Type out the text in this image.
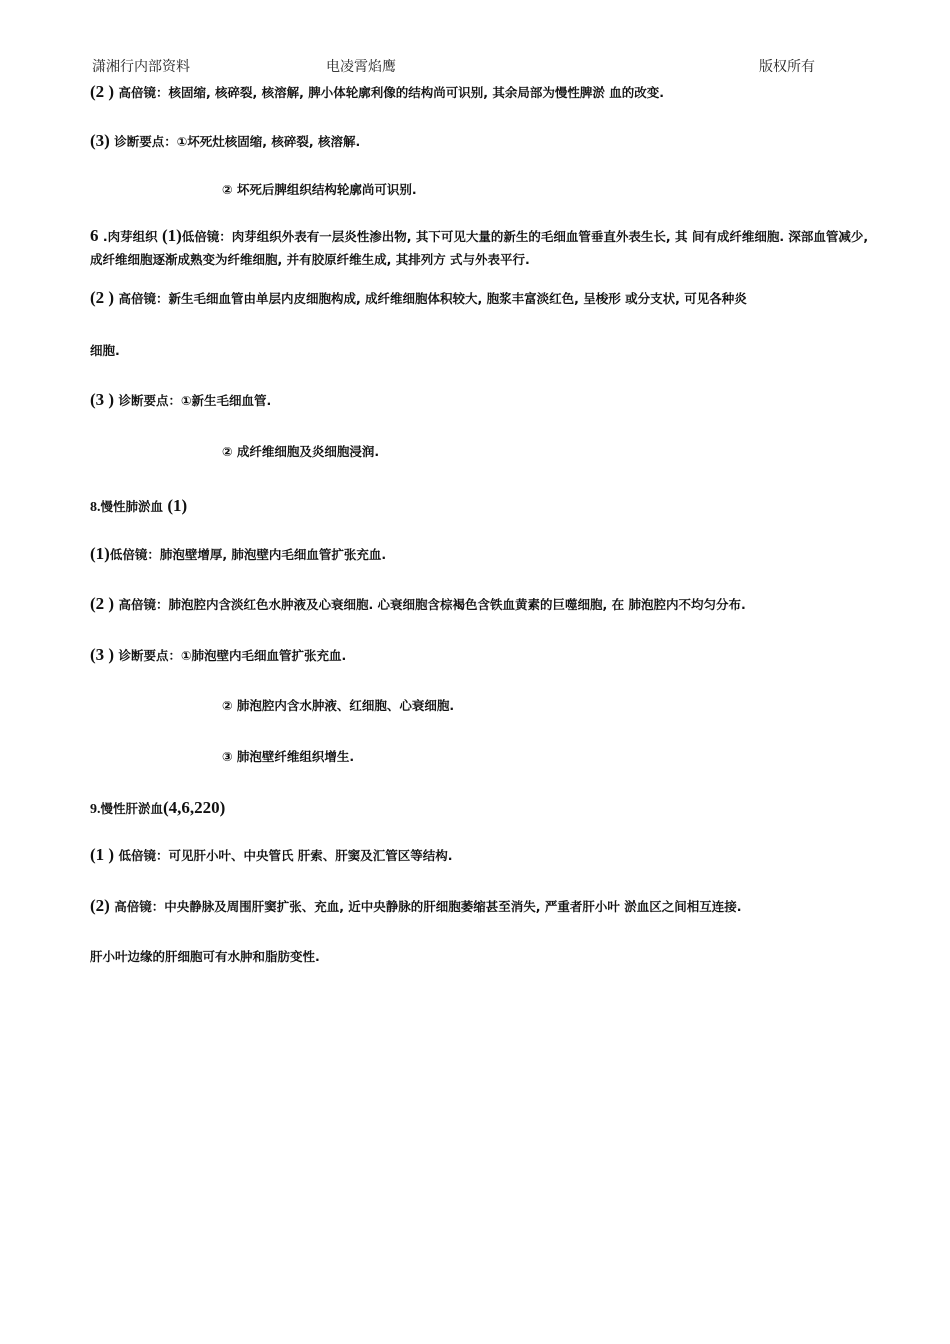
潇湘行内部资料	电凌霄焰鹰	版权所有
(2 ) 高倍镜：核固缩, 核碎裂, 核溶解, 脾小体轮廓利像的结构尚可识别, 其余局部为慢性脾淤 血的改变.
(3) 诊断要点：①坏死灶核固缩, 核碎裂, 核溶解.
② 坏死后脾组织结构轮廓尚可识别.
6 .肉芽组织 (1)低倍镜：肉芽组织外表有一层炎性渗出物, 其下可见大量的新生的毛细血管垂直外表生长, 其 间有成纤维细胞. 深部血管减少, 成纤维细胞逐渐成熟变为纤维细胞, 并有胶原纤维生成, 其排列方 式与外表平行.
(2 ) 高倍镜：新生毛细血管由单层内皮细胞构成, 成纤维细胞体积较大, 胞浆丰富淡红色, 呈梭形 或分支状, 可见各种炎
细胞.
(3 ) 诊断要点：①新生毛细血管.
② 成纤维细胞及炎细胞浸润.
8.慢性肺淤血 (1)
(1)低倍镜：肺泡壁增厚, 肺泡壁内毛细血管扩张充血.
(2 ) 高倍镜：肺泡腔内含淡红色水肿液及心衰细胞. 心衰细胞含棕褐色含铁血黄素的巨噬细胞, 在 肺泡腔内不均匀分布.
(3 ) 诊断要点：①肺泡壁内毛细血管扩张充血.
② 肺泡腔内含水肿液、红细胞、心衰细胞.
③ 肺泡壁纤维组织增生.
9.慢性肝淤血(4,6,220)
(1 ) 低倍镜：可见肝小叶、中央管氏 肝索、肝窦及汇管区等结构.
(2) 高倍镜：中央静脉及周围肝窦扩张、充血, 近中央静脉的肝细胞萎缩甚至消失, 严重者肝小叶 淤血区之间相互连接.
肝小叶边缘的肝细胞可有水肿和脂肪变性.
